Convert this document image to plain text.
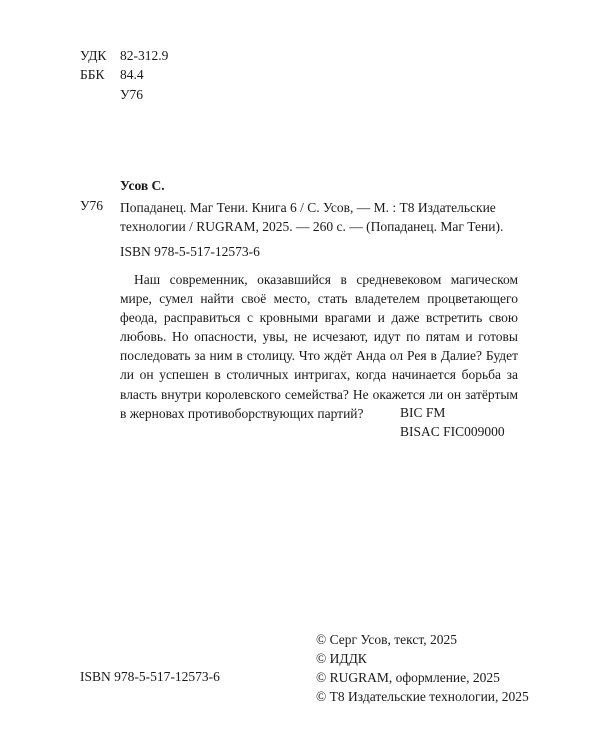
УДК 82-312.9
ББК 84.4
У76
Усов С.
У76 Попаданец. Маг Тени. Книга 6 / С. Усов, — М. : Т8 Издательские
технологии / RUGRAM, 2025. — 260 с. — (Попаданец. Маг Тени).
ISBN 978-5-517-12573-6
Наш современник, оказавшийся в средневековом магическом мире, сумел найти своё место, стать владетелем процветающего феода, расправиться с кровными врагами и даже встретить свою любовь. Но опасности, увы, не исчезают, идут по пятам и готовы последовать за ним в столицу. Что ждёт Анда ол Рея в Далие? Будет ли он успешен в столичных интригах, когда начинается борьба за власть внутри королевского семейства? Не окажется ли он затёртым в жерновах противоборствующих партий?	BIC FM
BISAC FIC009000
© Серг Усов, текст, 2025
© ИДДК
© RUGRAM, оформление, 2025
© Т8 Издательские технологии, 2025
ISBN 978-5-517-12573-6
